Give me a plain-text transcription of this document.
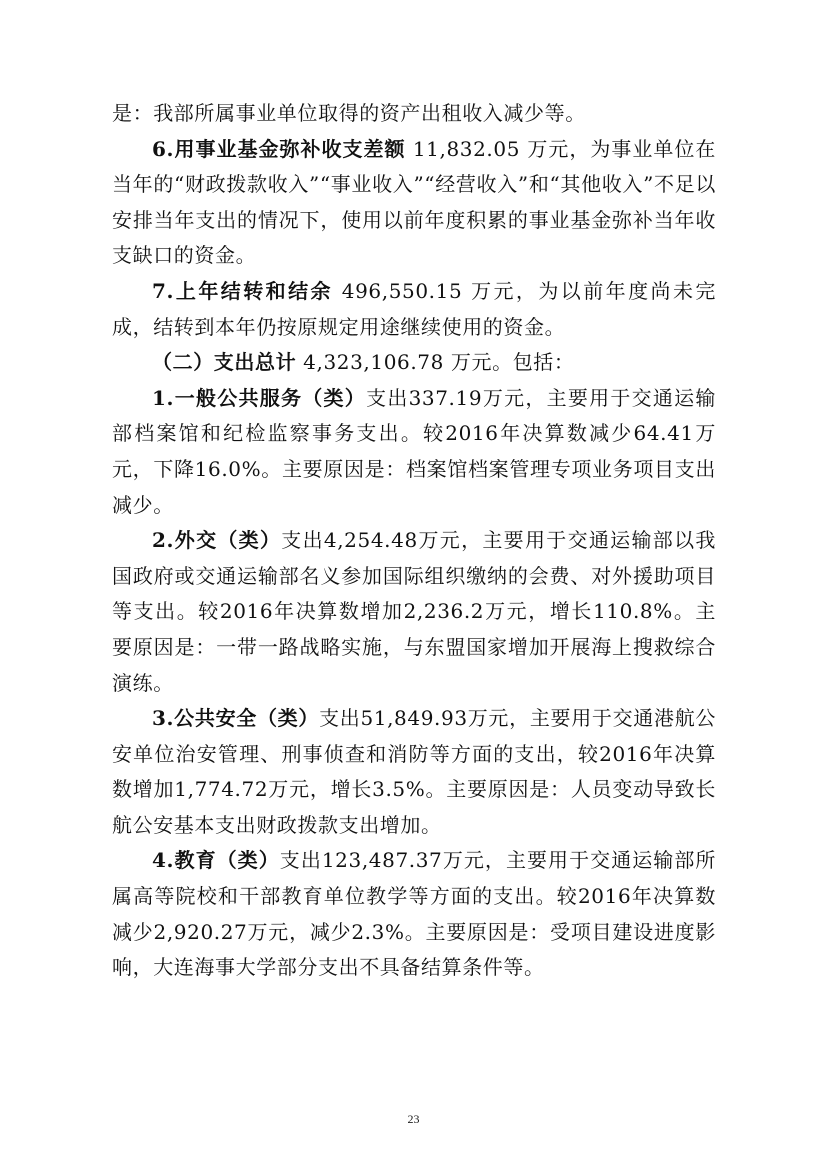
是：我部所属事业单位取得的资产出租收入减少等。

6.用事业基金弥补收支差额 11,832.05 万元，为事业单位在当年的“财政拨款收入”“事业收入”“经营收入”和“其他收入”不足以安排当年支出的情况下，使用以前年度积累的事业基金弥补当年收支缺口的资金。

7.上年结转和结余 496,550.15 万元，为以前年度尚未完成，结转到本年仍按原规定用途继续使用的资金。

（二）支出总计 4,323,106.78 万元。包括：

1.一般公共服务（类）支出337.19万元，主要用于交通运输部档案馆和纪检监察事务支出。较2016年决算数减少64.41万元，下降16.0%。主要原因是：档案馆档案管理专项业务项目支出减少。

2.外交（类）支出4,254.48万元，主要用于交通运输部以我国政府或交通运输部名义参加国际组织缴纳的会费、对外援助项目等支出。较2016年决算数增加2,236.2万元，增长110.8%。主要原因是：一带一路战略实施，与东盟国家增加开展海上搜救综合演练。

3.公共安全（类）支出51,849.93万元，主要用于交通港航公安单位治安管理、刑事侦查和消防等方面的支出，较2016年决算数增加1,774.72万元，增长3.5%。主要原因是：人员变动导致长航公安基本支出财政拨款支出增加。

4.教育（类）支出123,487.37万元，主要用于交通运输部所属高等院校和干部教育单位教学等方面的支出。较2016年决算数减少2,920.27万元，减少2.3%。主要原因是：受项目建设进度影响，大连海事大学部分支出不具备结算条件等。

23
